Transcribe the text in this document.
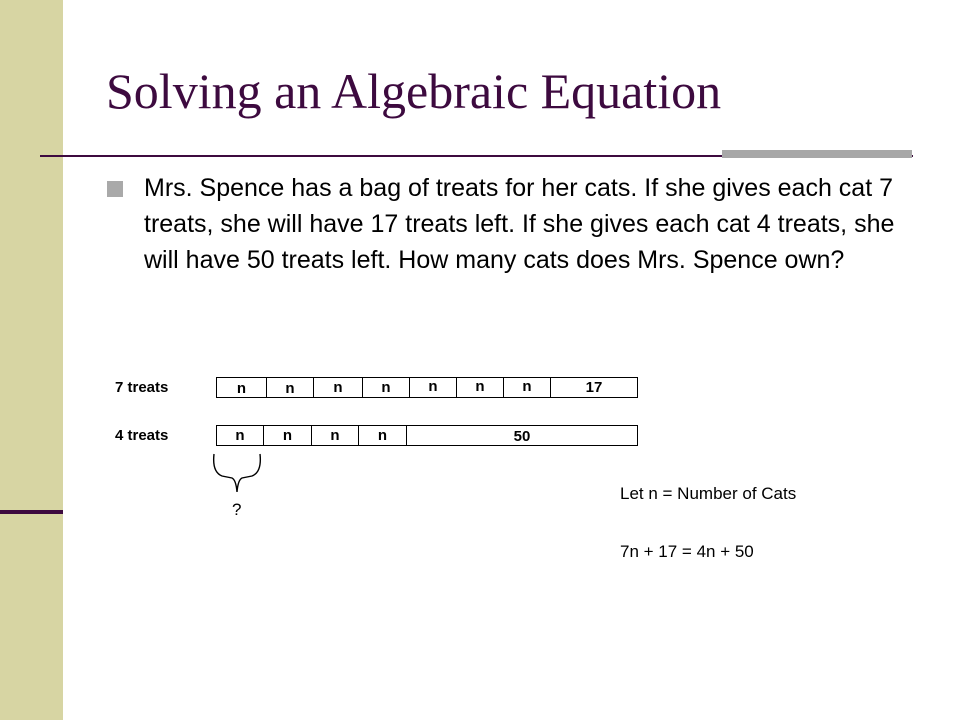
Solving an Algebraic Equation

Mrs. Spence has a bag of treats for her cats. If she gives each cat 7 treats, she will have 17 treats left. If she gives each cat 4 treats, she will have 50 treats left. How many cats does Mrs. Spence own?

7 treats	n	n	n	n	n	n	n	17
4 treats	n	n	n	n	50
?
Let n = Number of Cats
7n + 17 = 4n + 50
